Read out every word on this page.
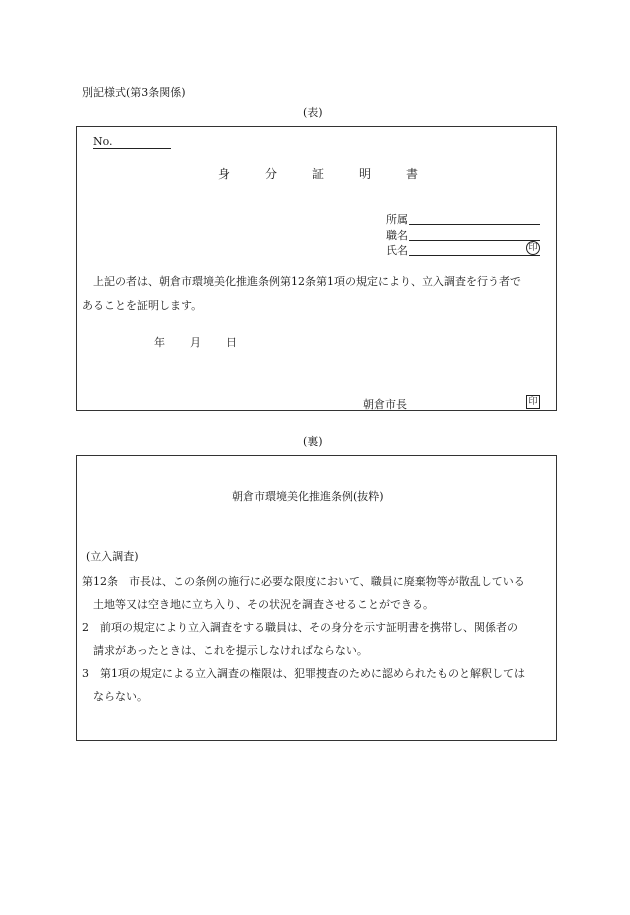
別記様式(第3条関係)
(表)
No.
身	分	証	明	書
所属
職名
氏名	印
上記の者は、朝倉市環境美化推進条例第12条第1項の規定により、立入調査を行う者で
あることを証明します。
年 月 日
朝倉市長	印
(裏)
朝倉市環境美化推進条例(抜粋)
(立入調査)
第12条　市長は、この条例の施行に必要な限度において、職員に廃棄物等が散乱している
土地等又は空き地に立ち入り、その状況を調査させることができる。
2　前項の規定により立入調査をする職員は、その身分を示す証明書を携帯し、関係者の
請求があったときは、これを提示しなければならない。
3　第1項の規定による立入調査の権限は、犯罪捜査のために認められたものと解釈しては
ならない。
